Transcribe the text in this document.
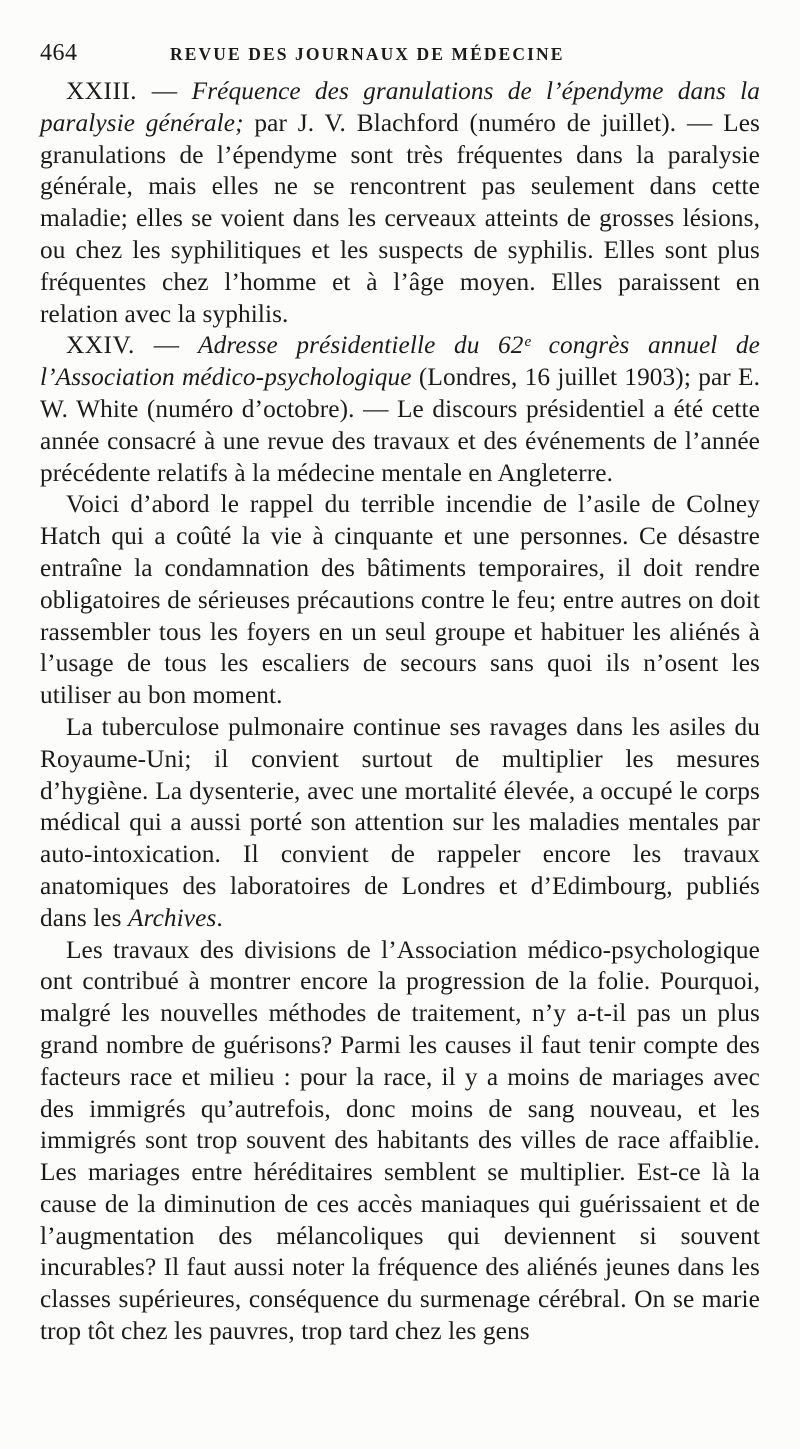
464	REVUE DES JOURNAUX DE MÉDECINE

XXIII. — Fréquence des granulations de l’épendyme dans la paralysie générale; par J. V. Blachford (numéro de juillet). — Les granulations de l’épendyme sont très fréquentes dans la paralysie générale, mais elles ne se rencontrent pas seulement dans cette maladie; elles se voient dans les cerveaux atteints de grosses lésions, ou chez les syphilitiques et les suspects de syphilis. Elles sont plus fréquentes chez l’homme et à l’âge moyen. Elles paraissent en relation avec la syphilis.

XXIV. — Adresse présidentielle du 62ᵉ congrès annuel de l’Association médico-psychologique (Londres, 16 juillet 1903); par E. W. White (numéro d’octobre). — Le discours présidentiel a été cette année consacré à une revue des travaux et des événements de l’année précédente relatifs à la médecine mentale en Angleterre.

Voici d’abord le rappel du terrible incendie de l’asile de Colney Hatch qui a coûté la vie à cinquante et une personnes. Ce désastre entraîne la condamnation des bâtiments temporaires, il doit rendre obligatoires de sérieuses précautions contre le feu; entre autres on doit rassembler tous les foyers en un seul groupe et habituer les aliénés à l’usage de tous les escaliers de secours sans quoi ils n’osent les utiliser au bon moment.

La tuberculose pulmonaire continue ses ravages dans les asiles du Royaume-Uni; il convient surtout de multiplier les mesures d’hygiène. La dysenterie, avec une mortalité élevée, a occupé le corps médical qui a aussi porté son attention sur les maladies mentales par auto-intoxication. Il convient de rappeler encore les travaux anatomiques des laboratoires de Londres et d’Edimbourg, publiés dans les Archives.

Les travaux des divisions de l’Association médico-psychologique ont contribué à montrer encore la progression de la folie. Pourquoi, malgré les nouvelles méthodes de traitement, n’y a-t-il pas un plus grand nombre de guérisons? Parmi les causes il faut tenir compte des facteurs race et milieu : pour la race, il y a moins de mariages avec des immigrés qu’autrefois, donc moins de sang nouveau, et les immigrés sont trop souvent des habitants des villes de race affaiblie. Les mariages entre héréditaires semblent se multiplier. Est-ce là la cause de la diminution de ces accès maniaques qui guérissaient et de l’augmentation des mélancoliques qui deviennent si souvent incurables? Il faut aussi noter la fréquence des aliénés jeunes dans les classes supérieures, conséquence du surmenage cérébral. On se marie trop tôt chez les pauvres, trop tard chez les gens
